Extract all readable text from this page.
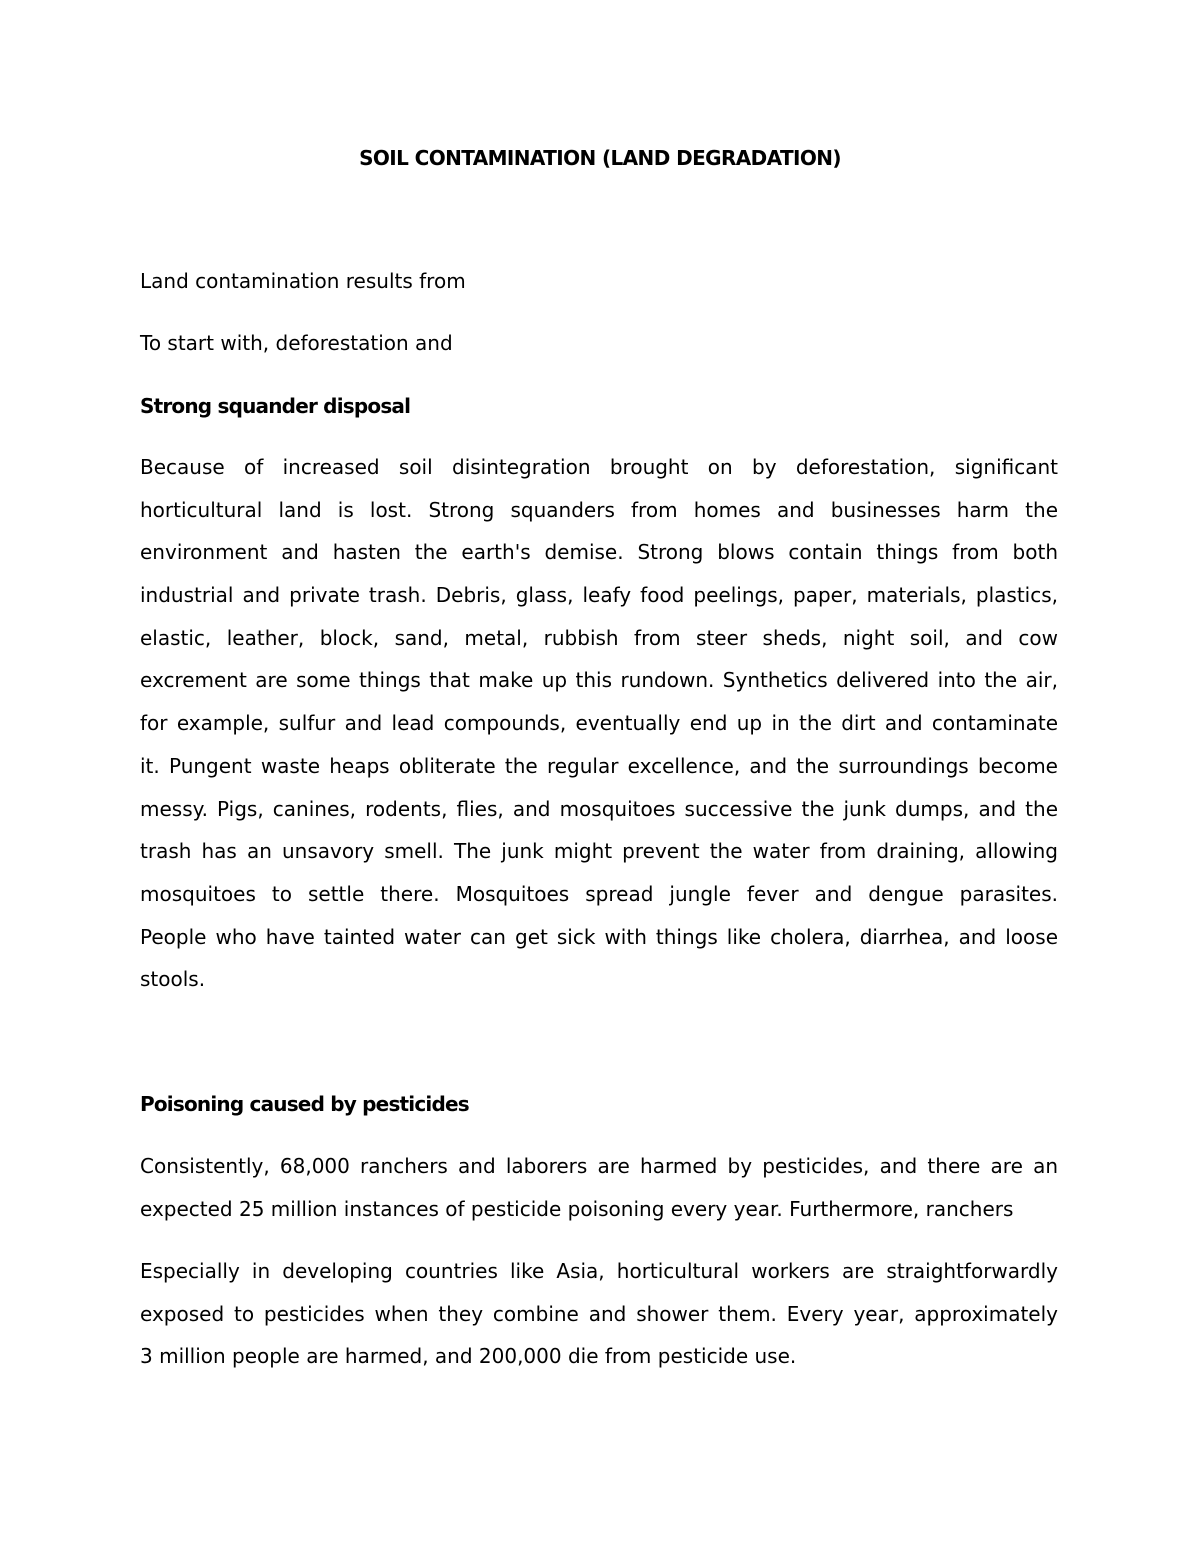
SOIL CONTAMINATION (LAND DEGRADATION)
Land contamination results from
To start with, deforestation and
Strong squander disposal
Because of increased soil disintegration brought on by deforestation, significant
horticultural land is lost. Strong squanders from homes and businesses harm the
environment and hasten the earth's demise. Strong blows contain things from both
industrial and private trash. Debris, glass, leafy food peelings, paper, materials, plastics,
elastic, leather, block, sand, metal, rubbish from steer sheds, night soil, and cow
excrement are some things that make up this rundown. Synthetics delivered into the air,
for example, sulfur and lead compounds, eventually end up in the dirt and contaminate
it. Pungent waste heaps obliterate the regular excellence, and the surroundings become
messy. Pigs, canines, rodents, flies, and mosquitoes successive the junk dumps, and the
trash has an unsavory smell. The junk might prevent the water from draining, allowing
mosquitoes to settle there. Mosquitoes spread jungle fever and dengue parasites.
People who have tainted water can get sick with things like cholera, diarrhea, and loose
stools.
Poisoning caused by pesticides
Consistently, 68,000 ranchers and laborers are harmed by pesticides, and there are an
expected 25 million instances of pesticide poisoning every year. Furthermore, ranchers
Especially in developing countries like Asia, horticultural workers are straightforwardly
exposed to pesticides when they combine and shower them. Every year, approximately
3 million people are harmed, and 200,000 die from pesticide use.
